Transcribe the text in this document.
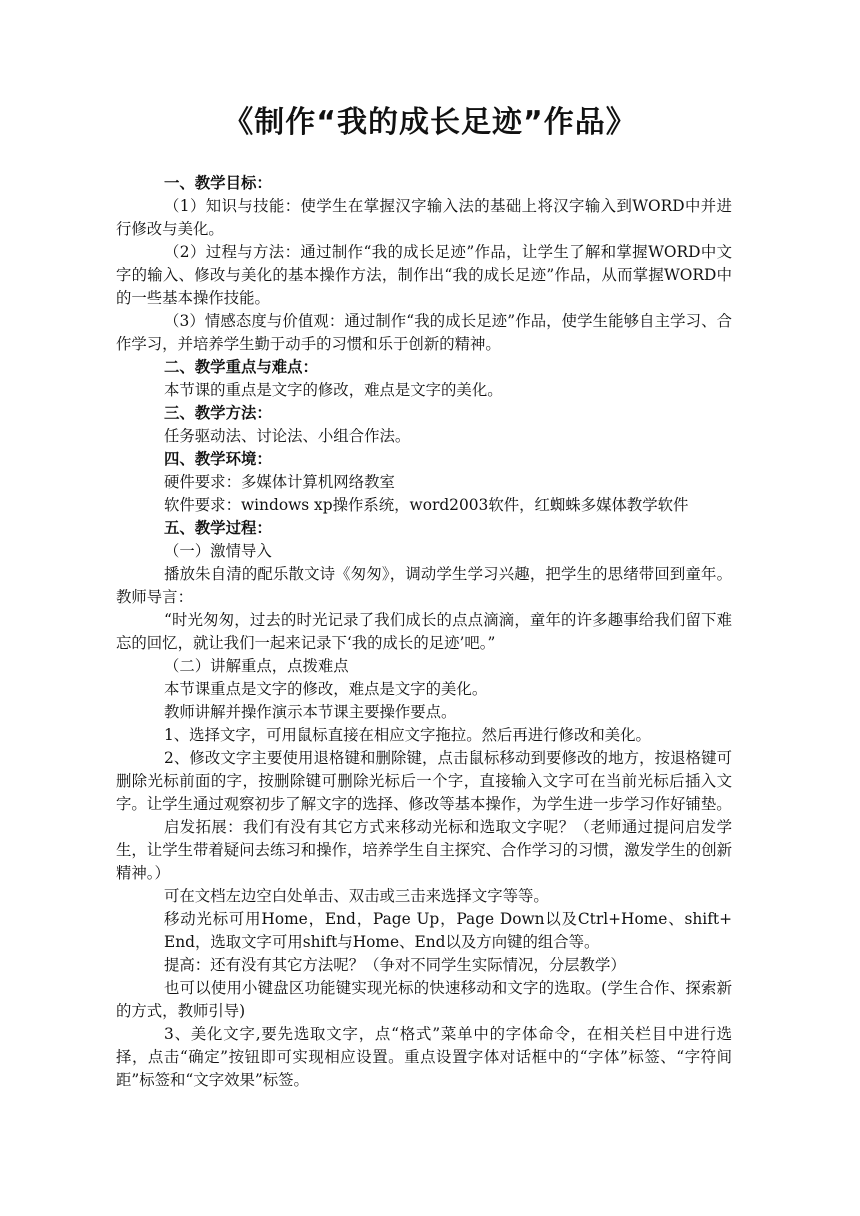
《制作“我的成长足迹”作品》

一、教学目标：

（1）知识与技能：使学生在掌握汉字输入法的基础上将汉字输入到WORD中并进行修改与美化。

（2）过程与方法：通过制作“我的成长足迹”作品，让学生了解和掌握WORD中文字的输入、修改与美化的基本操作方法，制作出“我的成长足迹”作品，从而掌握WORD中的一些基本操作技能。

（3）情感态度与价值观：通过制作“我的成长足迹”作品，使学生能够自主学习、合作学习，并培养学生勤于动手的习惯和乐于创新的精神。

二、教学重点与难点：

本节课的重点是文字的修改，难点是文字的美化。

三、教学方法：

任务驱动法、讨论法、小组合作法。

四、教学环境：

硬件要求：多媒体计算机网络教室

软件要求：windows xp操作系统，word2003软件，红蜘蛛多媒体教学软件

五、教学过程：

（一）激情导入

播放朱自清的配乐散文诗《匆匆》，调动学生学习兴趣，把学生的思绪带回到童年。教师导言：

“时光匆匆，过去的时光记录了我们成长的点点滴滴，童年的许多趣事给我们留下难忘的回忆，就让我们一起来记录下‘我的成长的足迹’吧。”

（二）讲解重点，点拨难点

本节课重点是文字的修改，难点是文字的美化。

教师讲解并操作演示本节课主要操作要点。

1、选择文字，可用鼠标直接在相应文字拖拉。然后再进行修改和美化。

2、修改文字主要使用退格键和删除键，点击鼠标移动到要修改的地方，按退格键可删除光标前面的字，按删除键可删除光标后一个字，直接输入文字可在当前光标后插入文字。让学生通过观察初步了解文字的选择、修改等基本操作，为学生进一步学习作好铺垫。

启发拓展：我们有没有其它方式来移动光标和选取文字呢？（老师通过提问启发学生，让学生带着疑问去练习和操作，培养学生自主探究、合作学习的习惯，激发学生的创新精神。）

可在文档左边空白处单击、双击或三击来选择文字等等。

移动光标可用Home，End，Page Up，Page Down以及Ctrl+Home、shift+ End，选取文字可用shift与Home、End以及方向键的组合等。

提高：还有没有其它方法呢？（争对不同学生实际情况，分层教学）

也可以使用小键盘区功能键实现光标的快速移动和文字的选取。(学生合作、探索新的方式，教师引导)

3、美化文字,要先选取文字，点“格式”菜单中的字体命令，在相关栏目中进行选择，点击“确定”按钮即可实现相应设置。重点设置字体对话框中的“字体”标签、“字符间距”标签和“文字效果”标签。
